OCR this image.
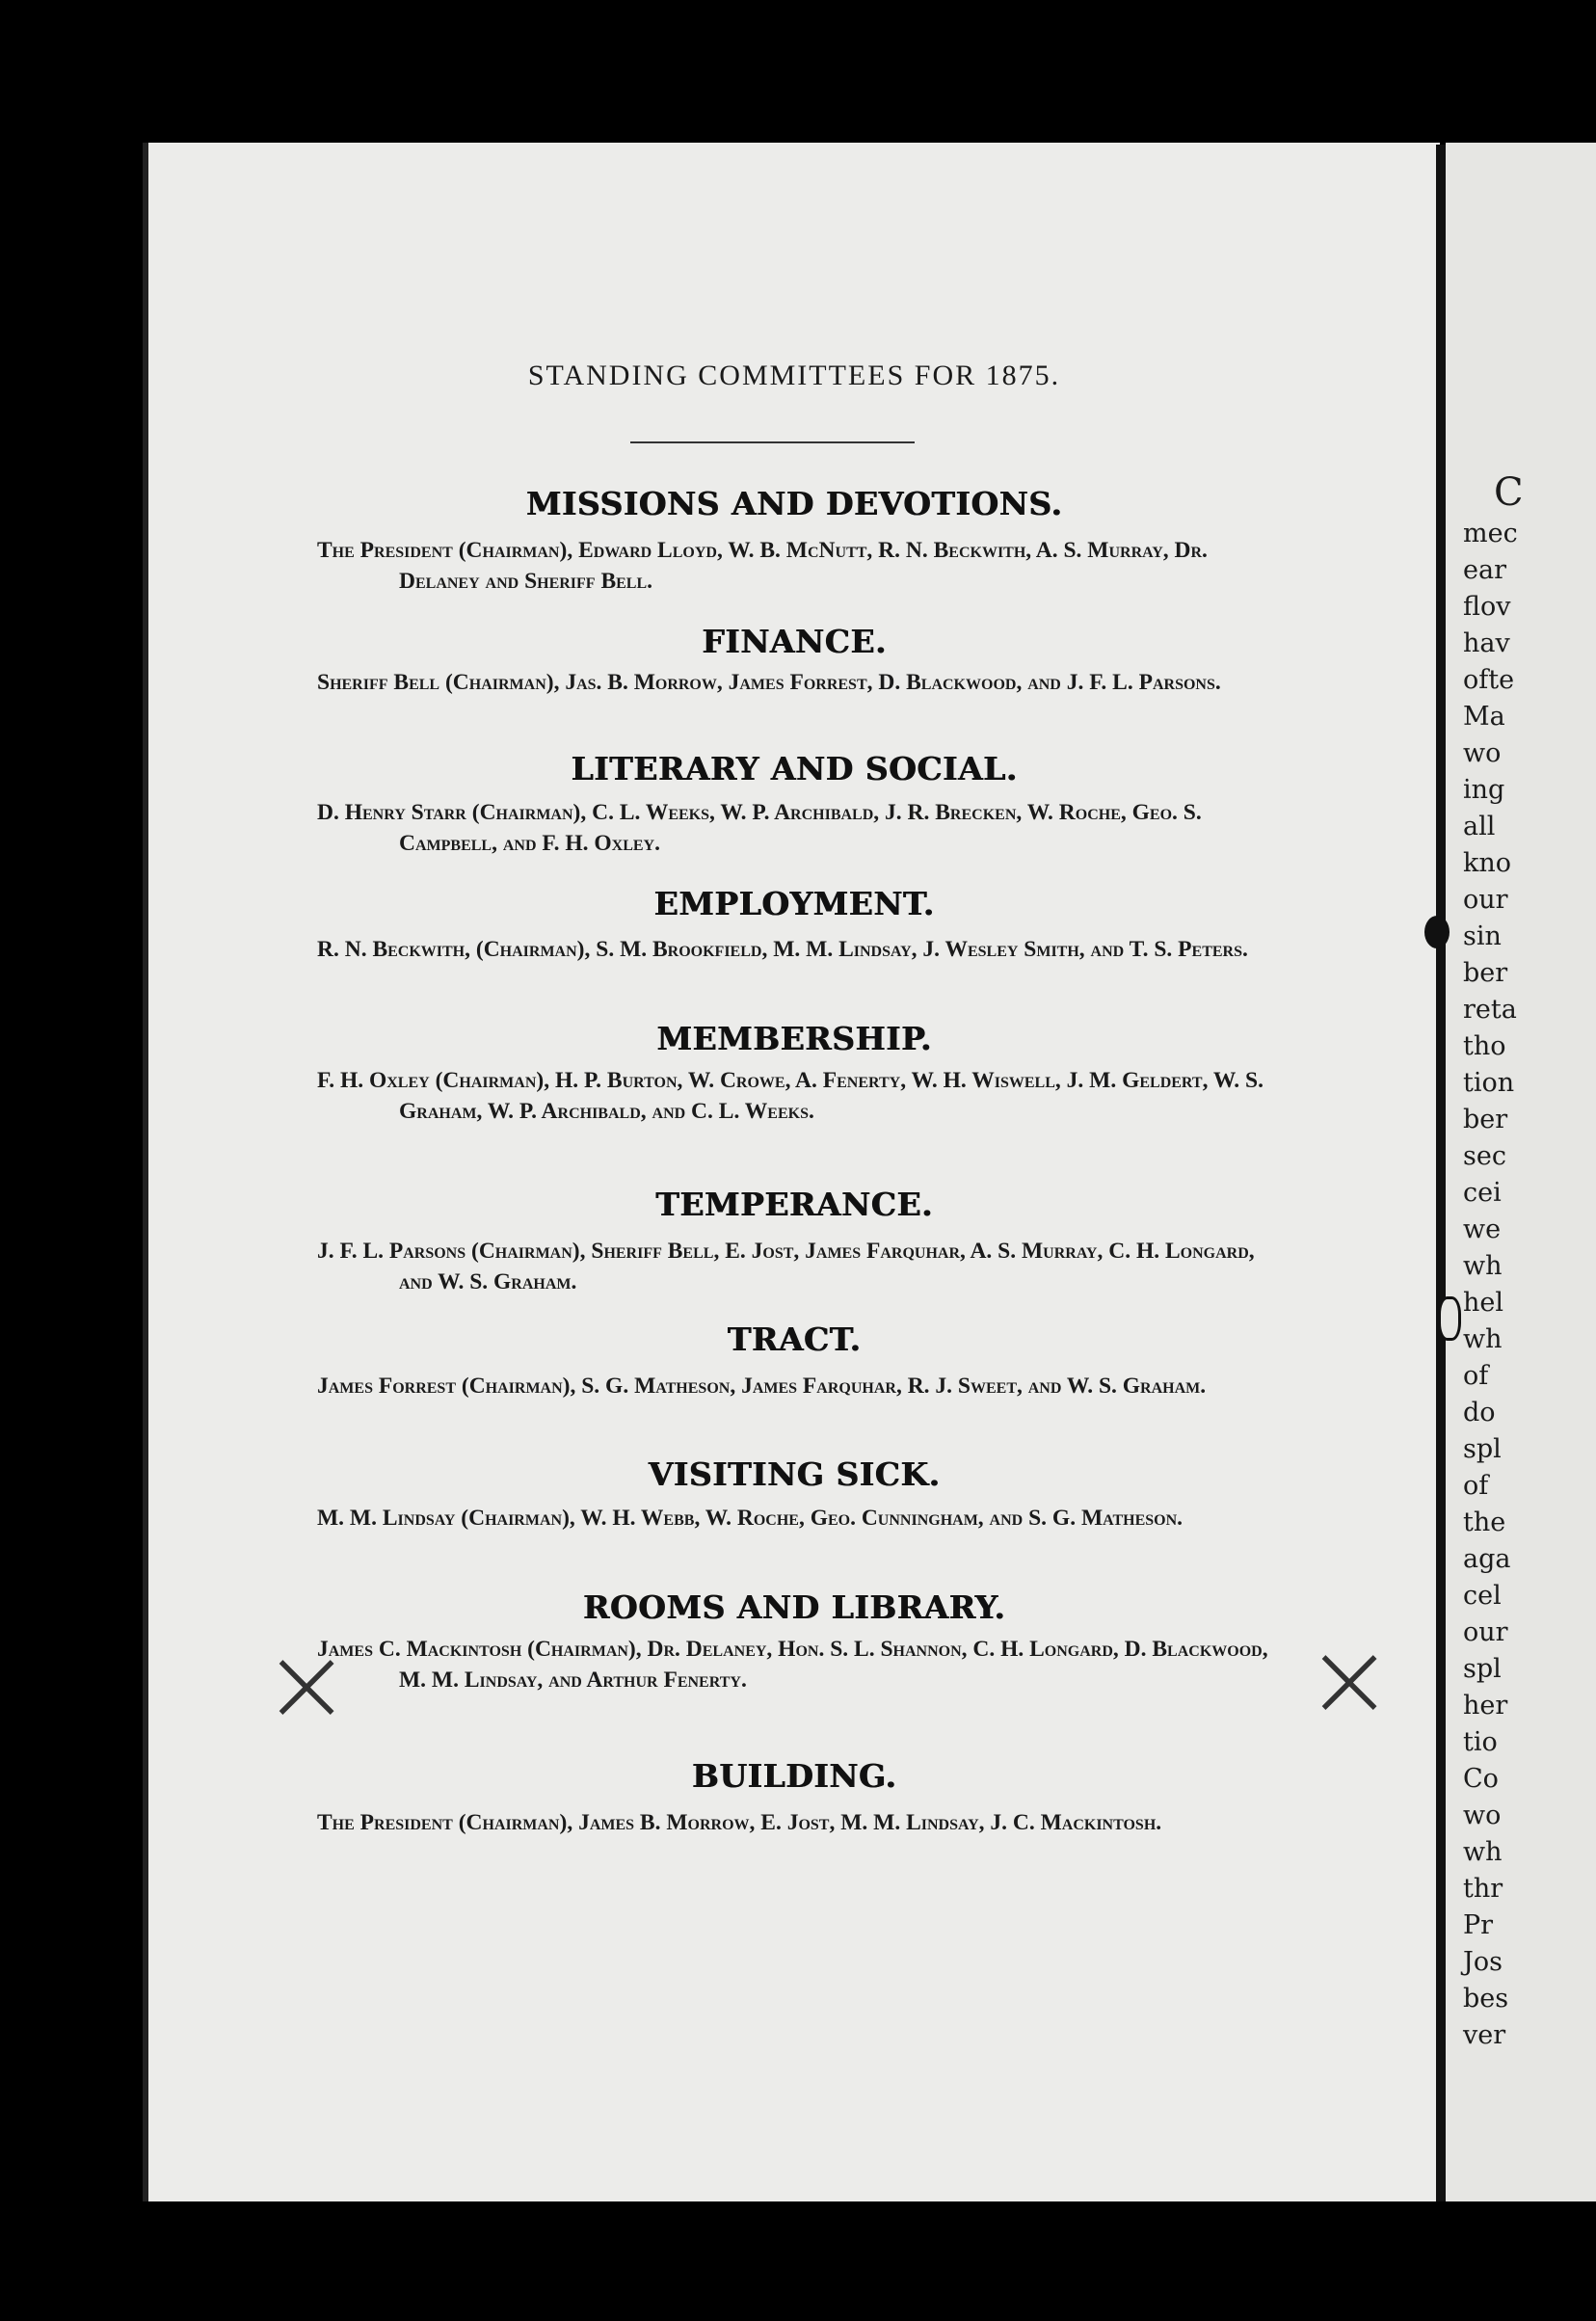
STANDING COMMITTEES FOR 1875.
MISSIONS AND DEVOTIONS.
The President (Chairman), Edward Lloyd, W. B. McNutt, R. N. Beckwith, A. S. Murray, Dr. Delaney and Sheriff Bell.
FINANCE.
Sheriff Bell (Chairman), Jas. B. Morrow, James Forrest, D. Blackwood, and J. F. L. Parsons.
LITERARY AND SOCIAL.
D. Henry Starr (Chairman), C. L. Weeks, W. P. Archibald, J. R. Brecken, W. Roche, Geo. S. Campbell, and F. H. Oxley.
EMPLOYMENT.
R. N. Beckwith, (Chairman), S. M. Brookfield, M. M. Lindsay, J. Wesley Smith, and T. S. Peters.
MEMBERSHIP.
F. H. Oxley (Chairman), H. P. Burton, W. Crowe, A. Fenerty, W. H. Wiswell, J. M. Geldert, W. S. Graham, W. P. Archibald, and C. L. Weeks.
TEMPERANCE.
J. F. L. Parsons (Chairman), Sheriff Bell, E. Jost, James Farquhar, A. S. Murray, C. H. Longard, and W. S. Graham.
TRACT.
James Forrest (Chairman), S. G. Matheson, James Farquhar, R. J. Sweet, and W. S. Graham.
VISITING SICK.
M. M. Lindsay (Chairman), W. H. Webb, W. Roche, Geo. Cunningham, and S. G. Matheson.
ROOMS AND LIBRARY.
James C. Mackintosh (Chairman), Dr. Delaney, Hon. S. L. Shannon, C. H. Longard, D. Blackwood, M. M. Lindsay, and Arthur Fenerty.
BUILDING.
The President (Chairman), James B. Morrow, E. Jost, M. M. Lindsay, J. C. Mackintosh.
×	×
C
mec
ear
flov
hav
ofte
Ma
wo
ing
all
kno
our
sin
ber
reta
tho
tion
ber
sec
cei
we
wh
hel
wh
of
do
spl
of
the
aga
cel
our
spl
her
tio
Co
wo
wh
thr
Pr
Jos
bes
ver
